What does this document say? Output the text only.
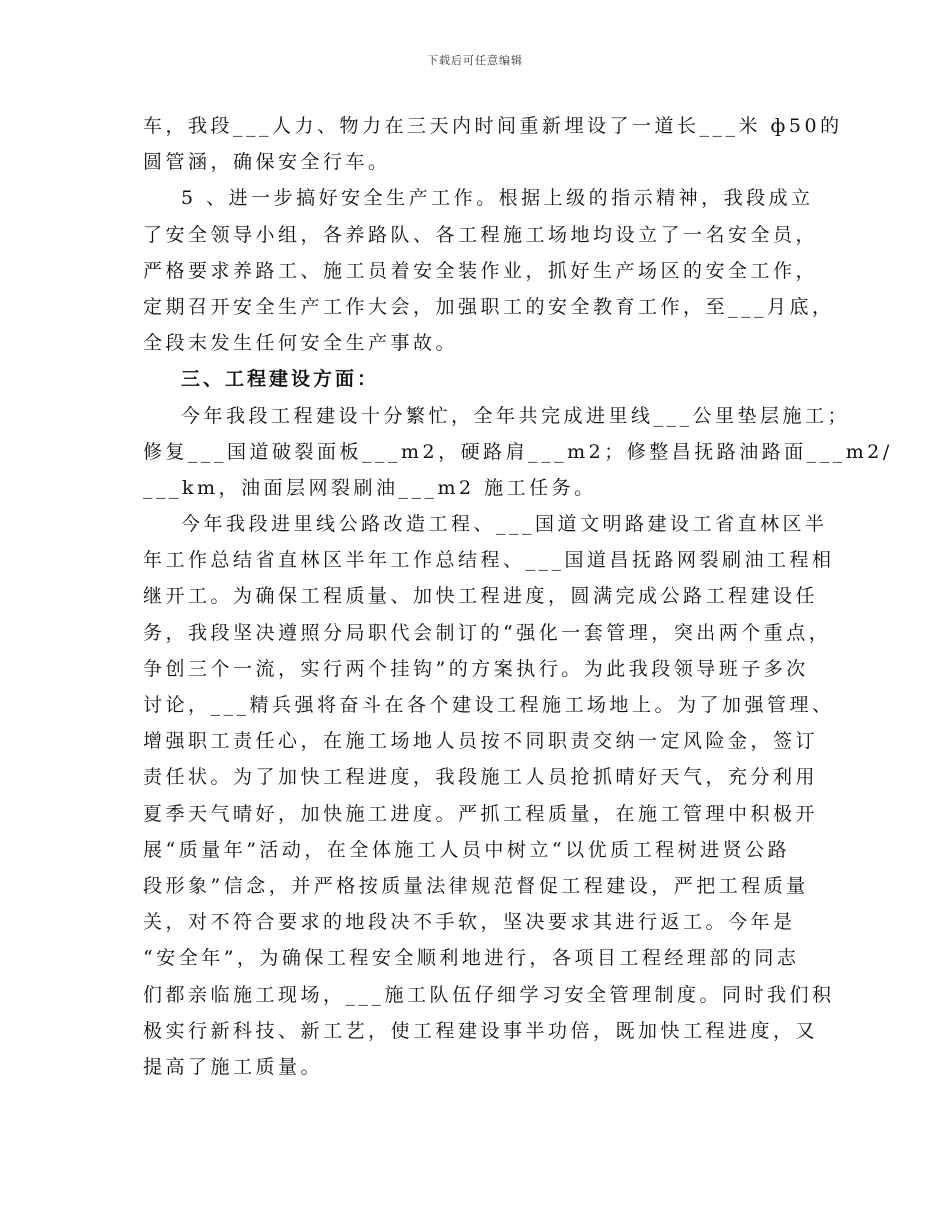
下载后可任意编辑
车，我段___人力、物力在三天内时间重新埋设了一道长___米 ф50的
圆管涵，确保安全行车。
5 、进一步搞好安全生产工作。根据上级的指示精神，我段成立
了安全领导小组，各养路队、各工程施工场地均设立了一名安全员，
严格要求养路工、施工员着安全装作业，抓好生产场区的安全工作，
定期召开安全生产工作大会，加强职工的安全教育工作，至___月底，
全段末发生任何安全生产事故。
三、工程建设方面：
今年我段工程建设十分繁忙，全年共完成进里线___公里垫层施工；
修复___国道破裂面板___m2，硬路肩___m2；修整昌抚路油路面___m2/
___km，油面层网裂刷油___m2 施工任务。
今年我段进里线公路改造工程、___国道文明路建设工省直林区半
年工作总结省直林区半年工作总结程、___国道昌抚路网裂刷油工程相
继开工。为确保工程质量、加快工程进度，圆满完成公路工程建设任
务，我段坚决遵照分局职代会制订的“强化一套管理，突出两个重点，
争创三个一流，实行两个挂钩”的方案执行。为此我段领导班子多次
讨论，___精兵强将奋斗在各个建设工程施工场地上。为了加强管理、
增强职工责任心，在施工场地人员按不同职责交纳一定风险金，签订
责任状。为了加快工程进度，我段施工人员抢抓晴好天气，充分利用
夏季天气晴好，加快施工进度。严抓工程质量，在施工管理中积极开
展“质量年”活动，在全体施工人员中树立“以优质工程树进贤公路
段形象”信念，并严格按质量法律规范督促工程建设，严把工程质量
关，对不符合要求的地段决不手软，坚决要求其进行返工。今年是
“安全年”，为确保工程安全顺利地进行，各项目工程经理部的同志
们都亲临施工现场，___施工队伍仔细学习安全管理制度。同时我们积
极实行新科技、新工艺，使工程建设事半功倍，既加快工程进度，又
提高了施工质量。
